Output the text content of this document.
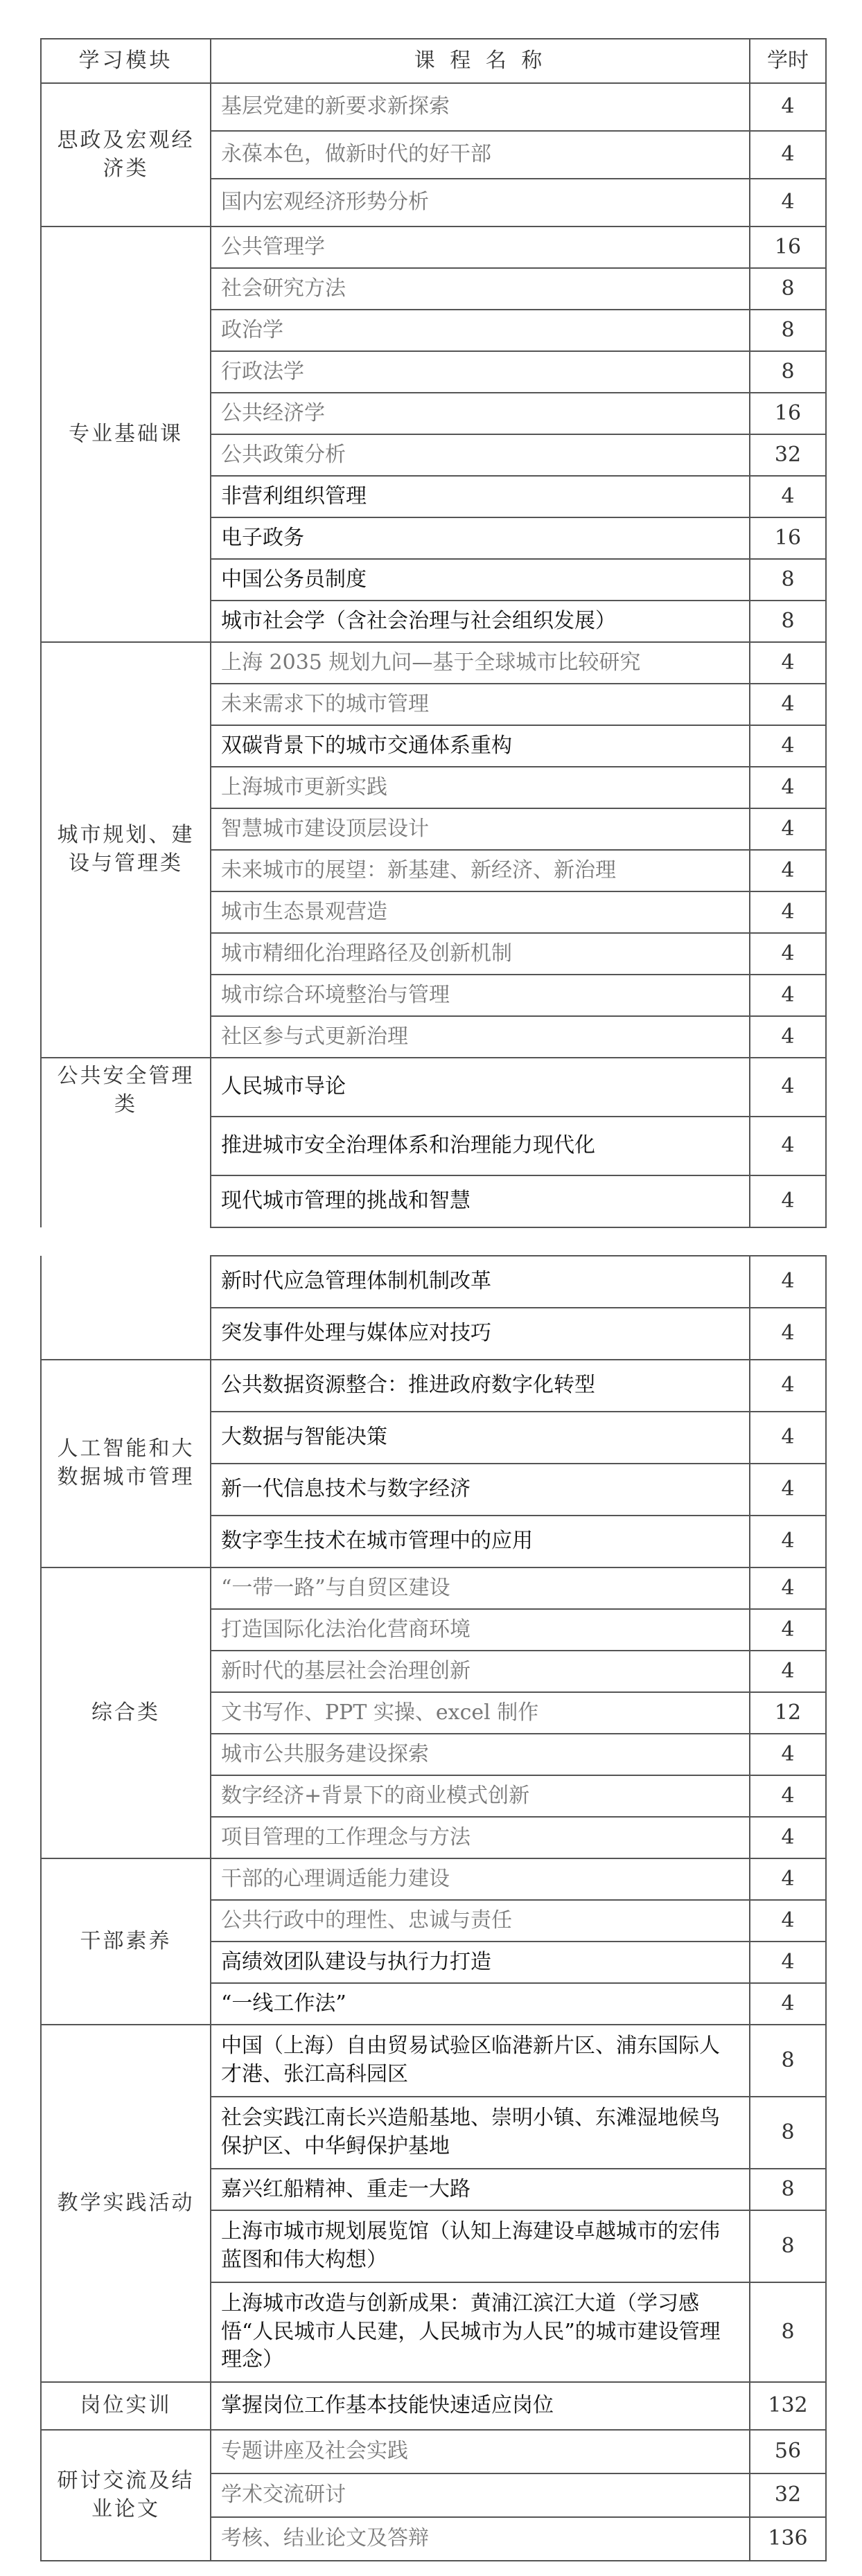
学习模块	课 程 名 称	学时
思政及宏观经济类	基层党建的新要求新探索	4
	永葆本色，做新时代的好干部	4
	国内宏观经济形势分析	4
专业基础课	公共管理学	16
	社会研究方法	8
	政治学	8
	行政法学	8
	公共经济学	16
	公共政策分析	32
	非营利组织管理	4
	电子政务	16
	中国公务员制度	8
	城市社会学（含社会治理与社会组织发展）	8
城市规划、建设与管理类	上海 2035 规划九问—基于全球城市比较研究	4
	未来需求下的城市管理	4
	双碳背景下的城市交通体系重构	4
	上海城市更新实践	4
	智慧城市建设顶层设计	4
	未来城市的展望：新基建、新经济、新治理	4
	城市生态景观营造	4
	城市精细化治理路径及创新机制	4
	城市综合环境整治与管理	4
	社区参与式更新治理	4
公共安全管理类	人民城市导论	4
	推进城市安全治理体系和治理能力现代化	4
	现代城市管理的挑战和智慧	4
	新时代应急管理体制机制改革	4
	突发事件处理与媒体应对技巧	4
人工智能和大数据城市管理	公共数据资源整合：推进政府数字化转型	4
	大数据与智能决策	4
	新一代信息技术与数字经济	4
	数字孪生技术在城市管理中的应用	4
综合类	“一带一路”与自贸区建设	4
	打造国际化法治化营商环境	4
	新时代的基层社会治理创新	4
	文书写作、PPT 实操、excel 制作	12
	城市公共服务建设探索	4
	数字经济+背景下的商业模式创新	4
	项目管理的工作理念与方法	4
干部素养	干部的心理调适能力建设	4
	公共行政中的理性、忠诚与责任	4
	高绩效团队建设与执行力打造	4
	“一线工作法”	4
教学实践活动	中国（上海）自由贸易试验区临港新片区、浦东国际人才港、张江高科园区	8
	社会实践江南长兴造船基地、崇明小镇、东滩湿地候鸟保护区、中华鲟保护基地	8
	嘉兴红船精神、重走一大路	8
	上海市城市规划展览馆（认知上海建设卓越城市的宏伟蓝图和伟大构想）	8
	上海城市改造与创新成果：黄浦江滨江大道（学习感悟“人民城市人民建，人民城市为人民”的城市建设管理理念）	8
岗位实训	掌握岗位工作基本技能快速适应岗位	132
研讨交流及结业论文	专题讲座及社会实践	56
	学术交流研讨	32
	考核、结业论文及答辩	136
